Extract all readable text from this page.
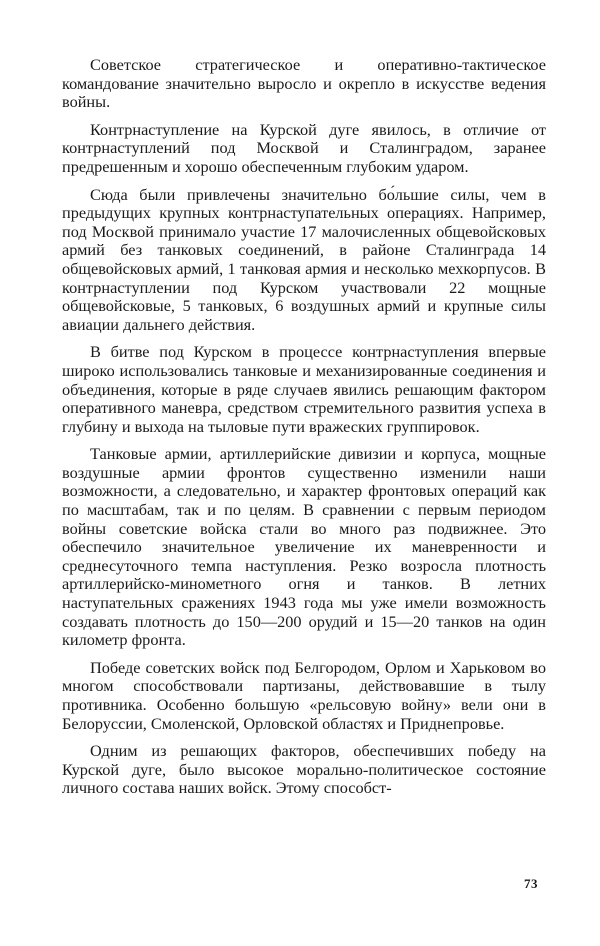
Советское стратегическое и оперативно-тактическое командование значительно выросло и окрепло в искусстве ведения войны.

Контрнаступление на Курской дуге явилось, в отличие от контрнаступлений под Москвой и Сталинградом, заранее предрешенным и хорошо обеспеченным глубоким ударом.

Сюда были привлечены значительно бо́льшие силы, чем в предыдущих крупных контрнаступательных операциях. Например, под Москвой принимало участие 17 малочисленных общевойсковых армий без танковых соединений, в районе Сталинграда 14 общевойсковых армий, 1 танковая армия и несколько мехкорпусов. В контрнаступлении под Курском участвовали 22 мощные общевойсковые, 5 танковых, 6 воздушных армий и крупные силы авиации дальнего действия.

В битве под Курском в процессе контрнаступления впервые широко использовались танковые и механизированные соединения и объединения, которые в ряде случаев явились решающим фактором оперативного маневра, средством стремительного развития успеха в глубину и выхода на тыловые пути вражеских группировок.

Танковые армии, артиллерийские дивизии и корпуса, мощные воздушные армии фронтов существенно изменили наши возможности, а следовательно, и характер фронтовых операций как по масштабам, так и по целям. В сравнении с первым периодом войны советские войска стали во много раз подвижнее. Это обеспечило значительное увеличение их маневренности и среднесуточного темпа наступления. Резко возросла плотность артиллерийско-минометного огня и танков. В летних наступательных сражениях 1943 года мы уже имели возможность создавать плотность до 150—200 орудий и 15—20 танков на один километр фронта.

Победе советских войск под Белгородом, Орлом и Харьковом во многом способствовали партизаны, действовавшие в тылу противника. Особенно большую «рельсовую войну» вели они в Белоруссии, Смоленской, Орловской областях и Приднепровье.

Одним из решающих факторов, обеспечивших победу на Курской дуге, было высокое морально-политическое состояние личного состава наших войск. Этому способст-

73
